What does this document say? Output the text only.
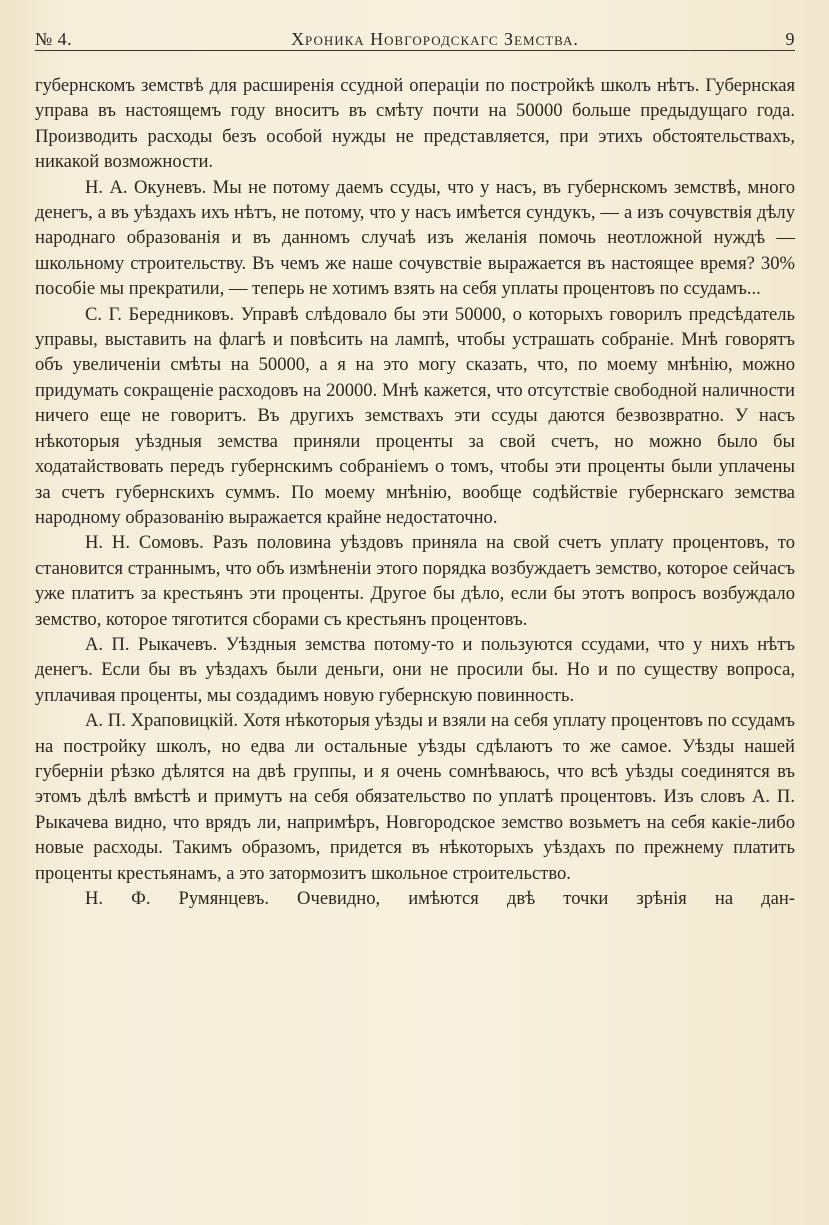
№ 4.	Хроника Новгородскагс Земства.	9

губернскомъ земствѣ для расширенія ссудной операціи по постройкѣ школъ нѣтъ. Губернская управа въ настоящемъ году вноситъ въ смѣту почти на 50000 больше предыдущаго года. Производить расходы безъ особой нужды не представляется, при этихъ обстоятельствахъ, никакой возможности.

Н. А. Окуневъ. Мы не потому даемъ ссуды, что у насъ, въ губернскомъ земствѣ, много денегъ, а въ уѣздахъ ихъ нѣтъ, не потому, что у насъ имѣется сундукъ, — а изъ сочувствія дѣлу народнаго образованія и въ данномъ случаѣ изъ желанія помочь неотложной нуждѣ — школьному строительству. Въ чемъ же наше сочувствіе выражается въ настоящее время? 30% пособіе мы прекратили, — теперь не хотимъ взять на себя уплаты процентовъ по ссудамъ...

С. Г. Бередниковъ. Управѣ слѣдовало бы эти 50000, о которыхъ говорилъ предсѣдатель управы, выставить на флагѣ и повѣсить на лампѣ, чтобы устрашать собраніе. Мнѣ говорятъ объ увеличеніи смѣты на 50000, а я на это могу сказать, что, по моему мнѣнію, можно придумать сокращеніе расходовъ на 20000. Мнѣ кажется, что отсутствіе свободной наличности ничего еще не говоритъ. Въ другихъ земствахъ эти ссуды даются безвозвратно. У насъ нѣкоторыя уѣздныя земства приняли проценты за свой счетъ, но можно было бы ходатайствовать передъ губернскимъ собраніемъ о томъ, чтобы эти проценты были уплачены за счетъ губернскихъ суммъ. По моему мнѣнію, вообще содѣйствіе губернскаго земства народному образованію выражается крайне недостаточно.

Н. Н. Сомовъ. Разъ половина уѣздовъ приняла на свой счетъ уплату процентовъ, то становится страннымъ, что объ измѣненіи этого порядка возбуждаетъ земство, которое сейчасъ уже платитъ за крестьянъ эти проценты. Другое бы дѣло, если бы этотъ вопросъ возбуждало земство, которое тяготится сборами съ крестьянъ процентовъ.

А. П. Рыкачевъ. Уѣздныя земства потому-то и пользуются ссудами, что у нихъ нѣтъ денегъ. Если бы въ уѣздахъ были деньги, они не просили бы. Но и по существу вопроса, уплачивая проценты, мы создадимъ новую губернскую повинность.

А. П. Храповицкій. Хотя нѣкоторыя уѣзды и взяли на себя уплату процентовъ по ссудамъ на постройку школъ, но едва ли остальные уѣзды сдѣлаютъ то же самое. Уѣзды нашей губерніи рѣзко дѣлятся на двѣ группы, и я очень сомнѣваюсь, что всѣ уѣзды соединятся въ этомъ дѣлѣ вмѣстѣ и примутъ на себя обязательство по уплатѣ процентовъ. Изъ словъ А. П. Рыкачева видно, что врядъ ли, напримѣръ, Новгородское земство возьметъ на себя какіе-либо новые расходы. Такимъ образомъ, придется въ нѣкоторыхъ уѣздахъ по прежнему платить проценты крестьянамъ, а это затормозитъ школьное строительство.

Н. Ф. Румянцевъ. Очевидно, имѣются двѣ точки зрѣнія на дан-
